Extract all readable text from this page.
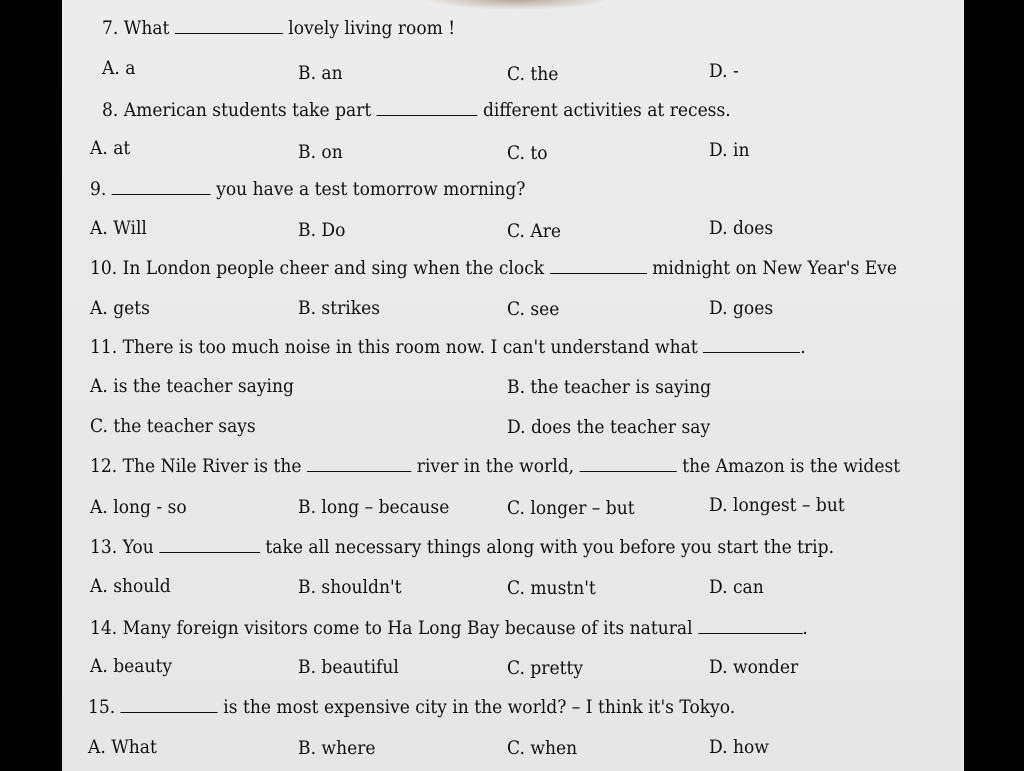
7. What	lovely living room !
A. a	B. an	C. the	D. -
8. American students take part	different activities at recess.
A. at	B. on	C. to	D. in
9.	you have a test tomorrow morning?
A. Will	B. Do	C. Are	D. does
10. In London people cheer and sing when the clock	midnight on New Year's Eve
A. gets	B. strikes	C. see	D. goes
11. There is too much noise in this room now. I can't understand what	.
A. is the teacher saying	B. the teacher is saying
C. the teacher says	D. does the teacher say
12. The Nile River is the	river in the world,	the Amazon is the widest
A. long - so	B. long – because	C. longer – but	D. longest – but
13. You	take all necessary things along with you before you start the trip.
A. should	B. shouldn't	C. mustn't	D. can
14. Many foreign visitors come to Ha Long Bay because of its natural	.
A. beauty	B. beautiful	C. pretty	D. wonder
15.	is the most expensive city in the world? – I think it's Tokyo.
A. What	B. where	C. when	D. how
